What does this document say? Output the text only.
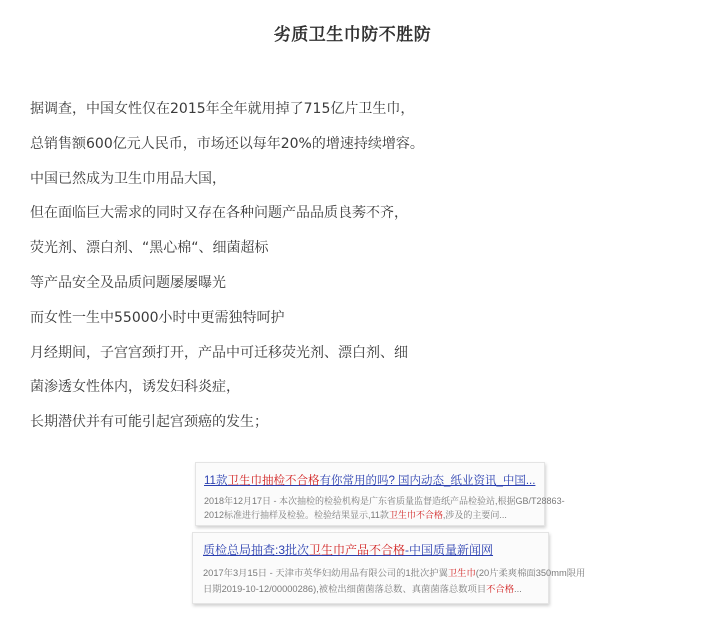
劣质卫生巾防不胜防
据调查，中国女性仅在2015年全年就用掉了715亿片卫生巾，
总销售额600亿元人民币，市场还以每年20%的增速持续增容。
中国已然成为卫生巾用品大国，
但在面临巨大需求的同时又存在各种问题产品品质良莠不齐，
荧光剂、漂白剂、“黑心棉“、细菌超标
等产品安全及品质问题屡屡曝光
而女性一生中55000小时中更需独特呵护
月经期间，子宫宫颈打开，产品中可迁移荧光剂、漂白剂、细
菌渗透女性体内，诱发妇科炎症，
长期潜伏并有可能引起宫颈癌的发生；
11款卫生巾抽检不合格有你常用的吗? 国内动态_纸业资讯_中国...
2018年12月17日 - 本次抽检的检验机构是广东省质量监督造纸产品检验站,根据GB/T28863-
2012标准进行抽样及检验。检验结果显示,11款卫生巾不合格,涉及的主要问...
质检总局抽查:3批次卫生巾产品不合格-中国质量新闻网
2017年3月15日 - 天津市英华妇幼用品有限公司的1批次护翼卫生巾(20片柔爽棉面350mm限用
日期2019-10-12/00000286),被检出细菌菌落总数、真菌菌落总数项目不合格...
